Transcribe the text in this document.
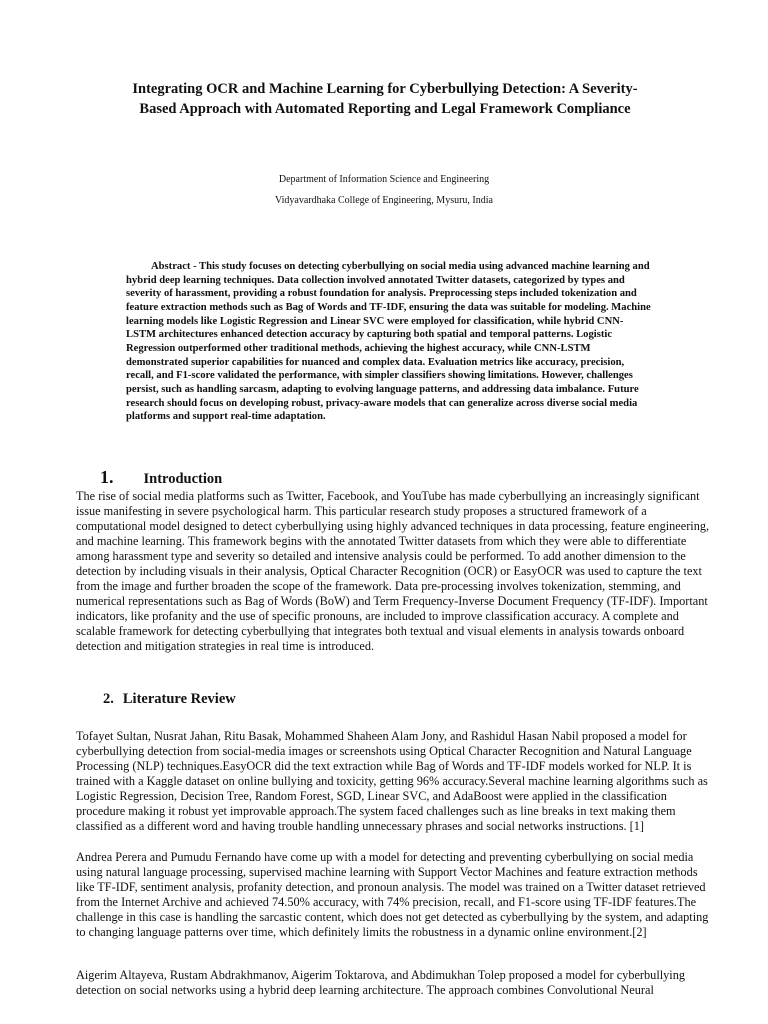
Integrating OCR and Machine Learning for Cyberbullying Detection: A Severity-Based Approach with Automated Reporting and Legal Framework Compliance
Department of Information Science and Engineering
Vidyavardhaka College of Engineering, Mysuru, India
Abstract - This study focuses on detecting cyberbullying on social media using advanced machine learning and hybrid deep learning techniques. Data collection involved annotated Twitter datasets, categorized by types and severity of harassment, providing a robust foundation for analysis. Preprocessing steps included tokenization and feature extraction methods such as Bag of Words and TF-IDF, ensuring the data was suitable for modeling. Machine learning models like Logistic Regression and Linear SVC were employed for classification, while hybrid CNN-LSTM architectures enhanced detection accuracy by capturing both spatial and temporal patterns. Logistic Regression outperformed other traditional methods, achieving the highest accuracy, while CNN-LSTM demonstrated superior capabilities for nuanced and complex data. Evaluation metrics like accuracy, precision, recall, and F1-score validated the performance, with simpler classifiers showing limitations. However, challenges persist, such as handling sarcasm, adapting to evolving language patterns, and addressing data imbalance. Future research should focus on developing robust, privacy-aware models that can generalize across diverse social media platforms and support real-time adaptation.
1. Introduction
The rise of social media platforms such as Twitter, Facebook, and YouTube has made cyberbullying an increasingly significant issue manifesting in severe psychological harm. This particular research study proposes a structured framework of a computational model designed to detect cyberbullying using highly advanced techniques in data processing, feature engineering, and machine learning. This framework begins with the annotated Twitter datasets from which they were able to differentiate among harassment type and severity so detailed and intensive analysis could be performed. To add another dimension to the detection by including visuals in their analysis, Optical Character Recognition (OCR) or EasyOCR was used to capture the text from the image and further broaden the scope of the framework. Data pre-processing involves tokenization, stemming, and numerical representations such as Bag of Words (BoW) and Term Frequency-Inverse Document Frequency (TF-IDF). Important indicators, like profanity and the use of specific pronouns, are included to improve classification accuracy. A complete and scalable framework for detecting cyberbullying that integrates both textual and visual elements in analysis towards onboard detection and mitigation strategies in real time is introduced.
2. Literature Review
Tofayet Sultan, Nusrat Jahan, Ritu Basak, Mohammed Shaheen Alam Jony, and Rashidul Hasan Nabil proposed a model for cyberbullying detection from social-media images or screenshots using Optical Character Recognition and Natural Language Processing (NLP) techniques.EasyOCR did the text extraction while Bag of Words and TF-IDF models worked for NLP. It is trained with a Kaggle dataset on online bullying and toxicity, getting 96% accuracy.Several machine learning algorithms such as Logistic Regression, Decision Tree, Random Forest, SGD, Linear SVC, and AdaBoost were applied in the classification procedure making it robust yet improvable approach.The system faced challenges such as line breaks in text making them classified as a different word and having trouble handling unnecessary phrases and social networks instructions. [1]
Andrea Perera and Pumudu Fernando have come up with a model for detecting and preventing cyberbullying on social media using natural language processing, supervised machine learning with Support Vector Machines and feature extraction methods like TF-IDF, sentiment analysis, profanity detection, and pronoun analysis. The model was trained on a Twitter dataset retrieved from the Internet Archive and achieved 74.50% accuracy, with 74% precision, recall, and F1-score using TF-IDF features.The challenge in this case is handling the sarcastic content, which does not get detected as cyberbullying by the system, and adapting to changing language patterns over time, which definitely limits the robustness in a dynamic online environment.[2]
Aigerim Altayeva, Rustam Abdrakhmanov, Aigerim Toktarova, and Abdimukhan Tolep proposed a model for cyberbullying detection on social networks using a hybrid deep learning architecture. The approach combines Convolutional Neural
